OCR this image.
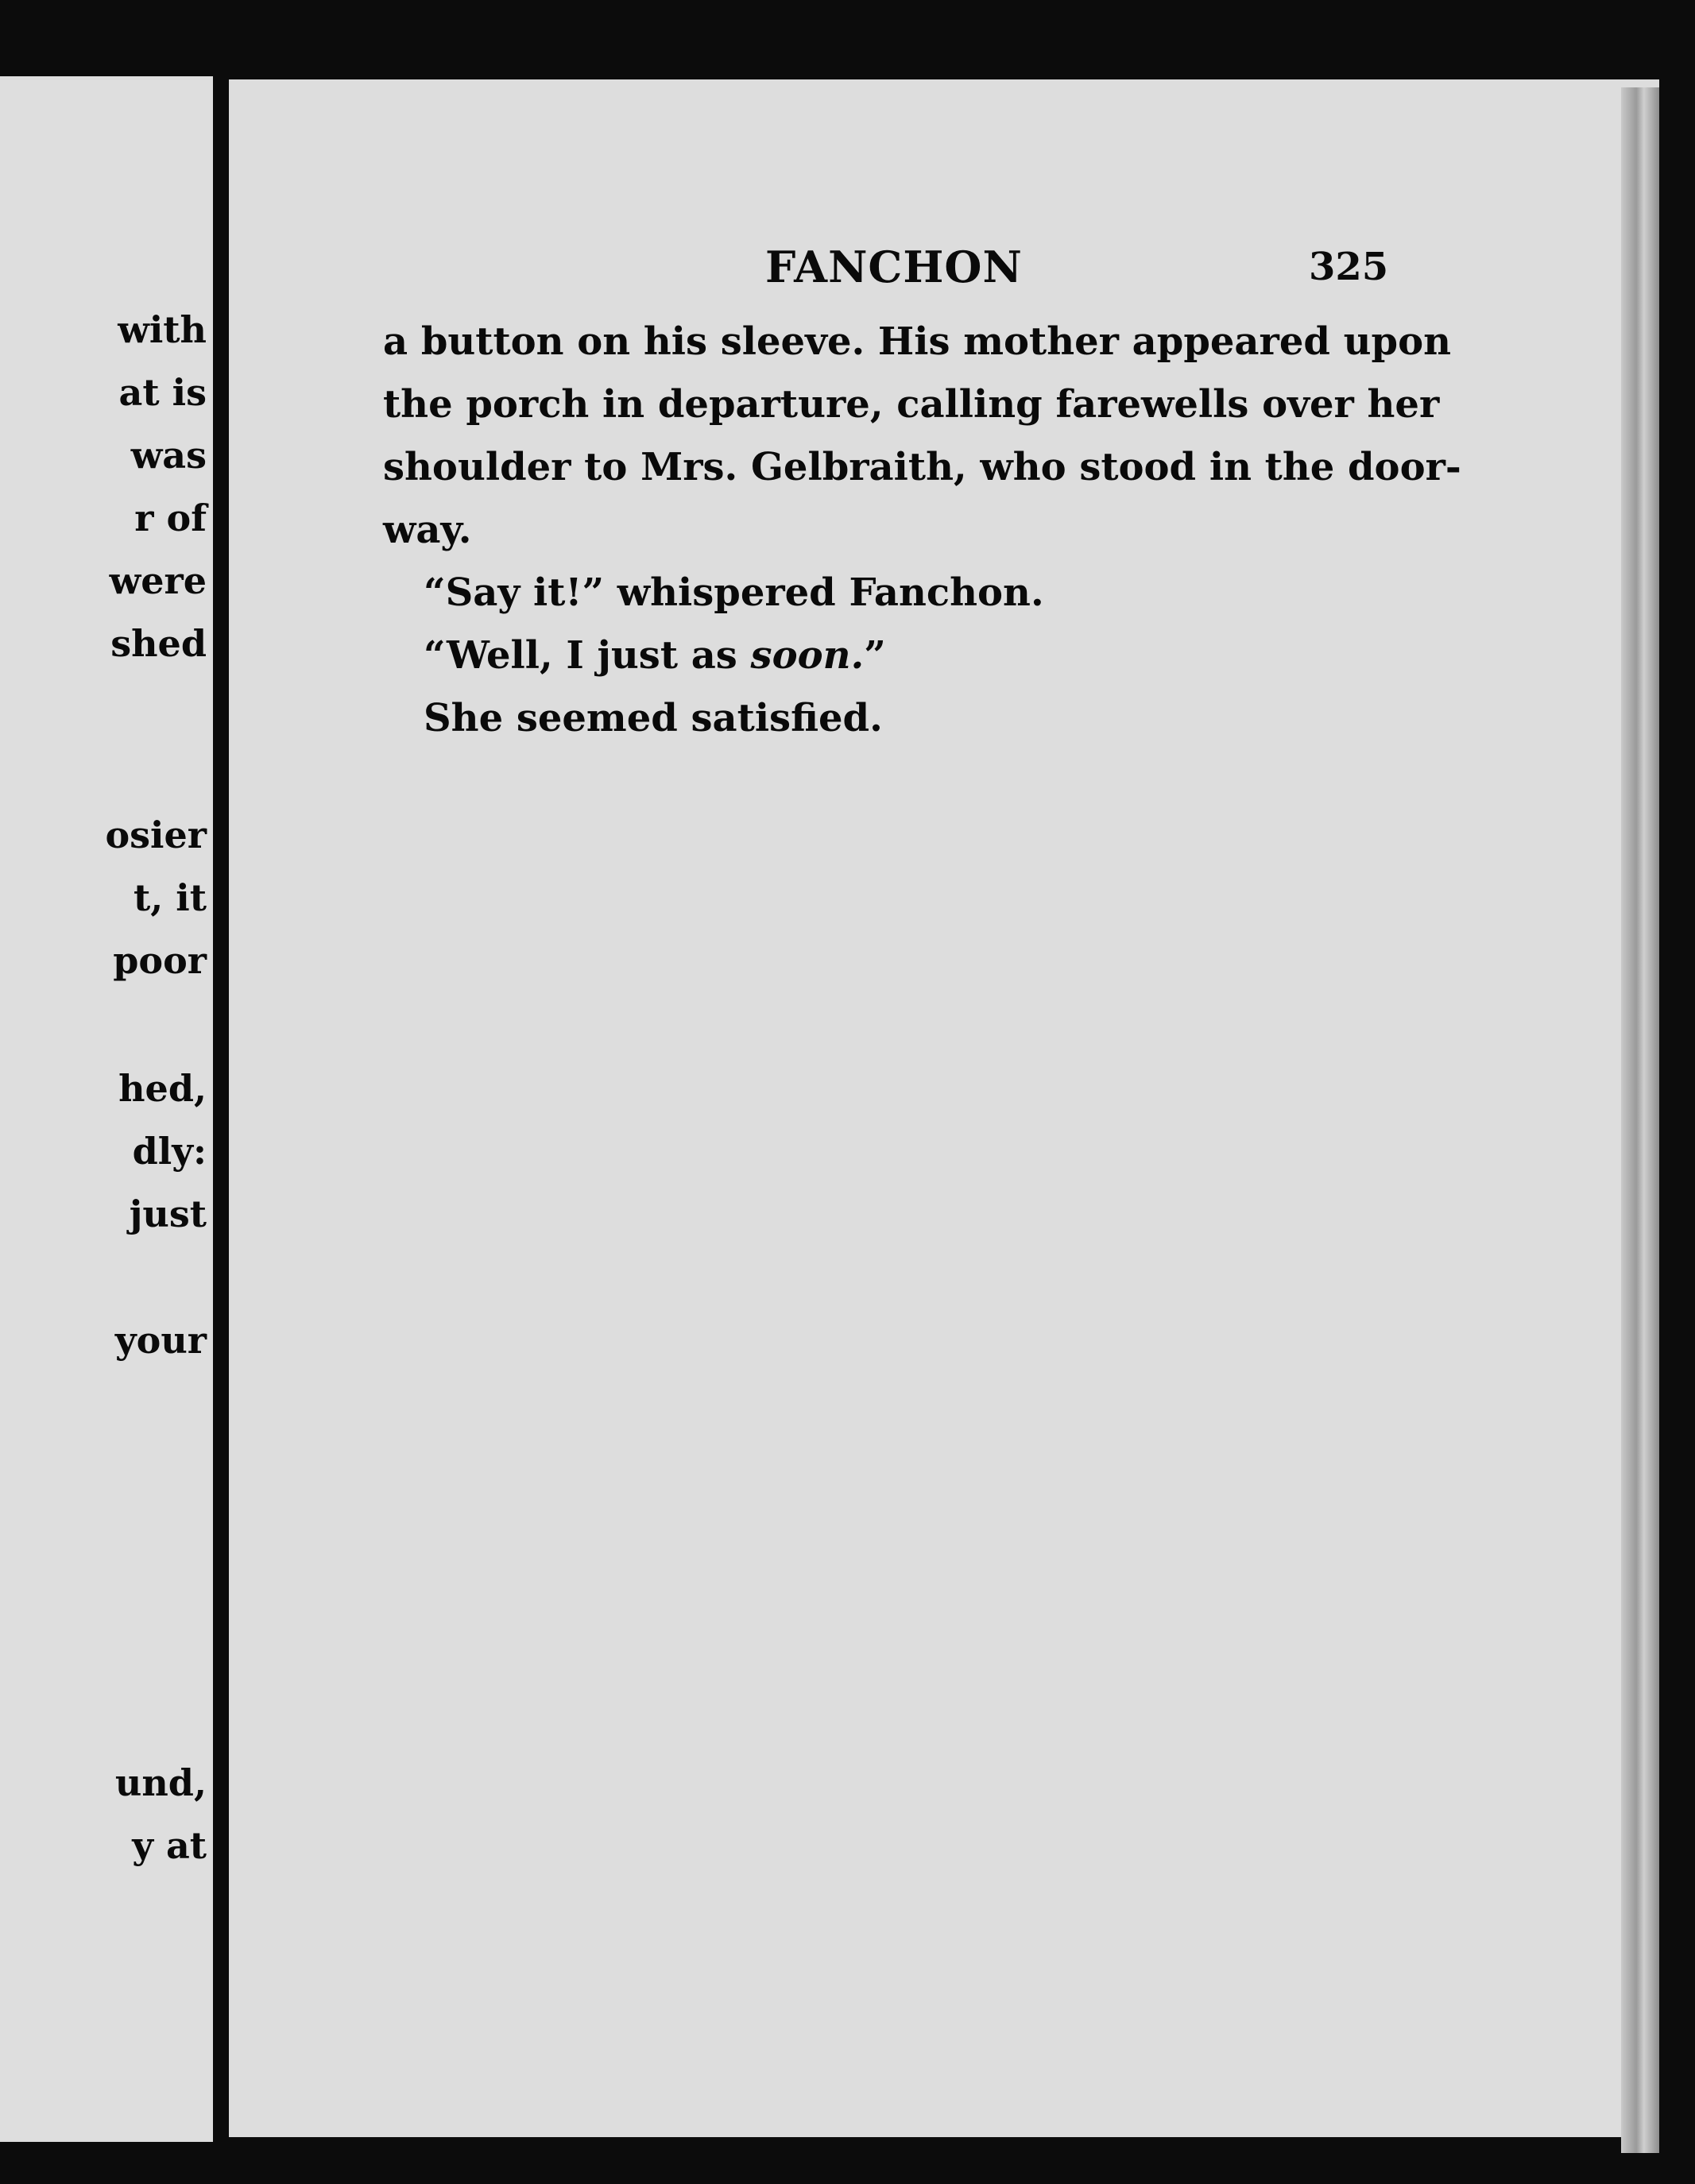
with
at is
was
r of
were
shed
osier
t, it
poor
hed,
dly:
just
your
und,
y at
FANCHON	325
a button on his sleeve. His mother appeared upon
the porch in departure, calling farewells over her
shoulder to Mrs. Gelbraith, who stood in the door-
way.
“Say it!” whispered Fanchon.
“Well, I just as soon.”
She seemed satisfied.
